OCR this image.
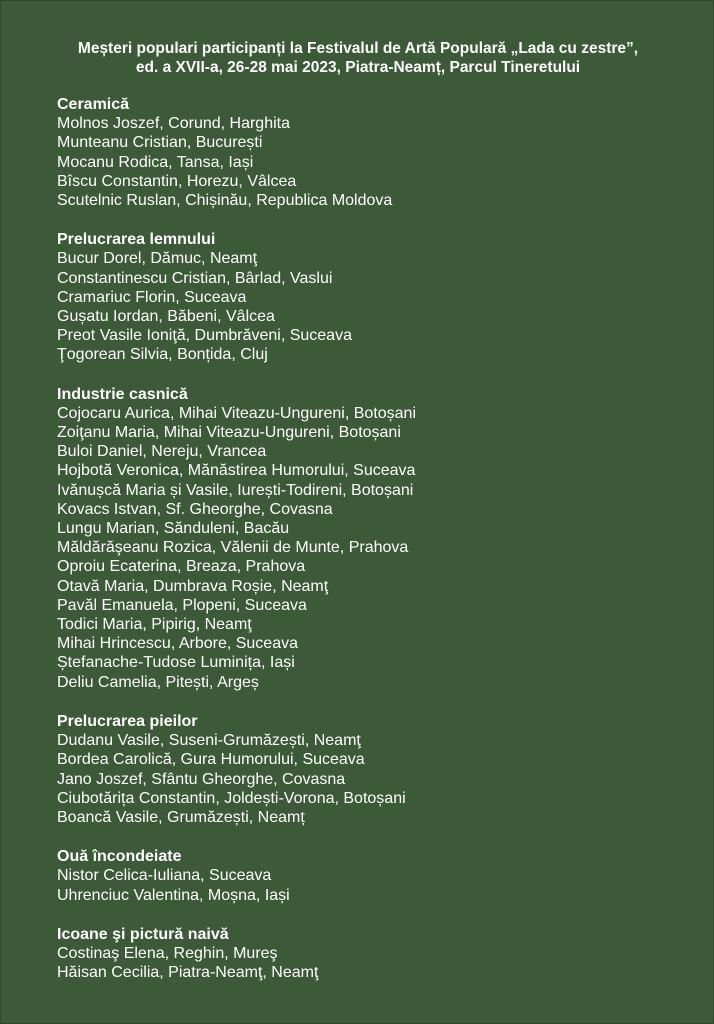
Meșteri populari participanți la Festivalul de Artă Populară „Lada cu zestre”,
ed. a XVII-a, 26-28 mai 2023, Piatra-Neamț, Parcul Tineretului
Ceramică
Molnos Joszef, Corund, Harghita
Munteanu Cristian, București
Mocanu Rodica, Tansa, Iași
Bîscu Constantin, Horezu, Vâlcea
Scutelnic Ruslan, Chișinău, Republica Moldova
Prelucrarea lemnului
Bucur Dorel, Dămuc, Neamţ
Constantinescu Cristian, Bârlad, Vaslui
Cramariuc Florin, Suceava
Gușatu Iordan, Băbeni, Vâlcea
Preot Vasile Ioniţă, Dumbrăveni, Suceava
Ţogorean Silvia, Bonțida, Cluj
Industrie casnică
Cojocaru Aurica, Mihai Viteazu-Ungureni, Botoșani
Zoiţanu Maria, Mihai Viteazu-Ungureni, Botoșani
Buloi Daniel, Nereju, Vrancea
Hojbotă Veronica, Mănăstirea Humorului, Suceava
Ivănușcă Maria și Vasile, Iurești-Todireni, Botoșani
Kovacs Istvan, Sf. Gheorghe, Covasna
Lungu Marian, Sănduleni, Bacău
Măldărăşeanu Rozica, Vălenii de Munte, Prahova
Oproiu Ecaterina, Breaza, Prahova
Otavă Maria, Dumbrava Roșie, Neamţ
Pavăl Emanuela, Plopeni, Suceava
Todici Maria, Pipirig, Neamţ
Mihai Hrincescu, Arbore, Suceava
Ștefanache-Tudose Luminița, Iași
Deliu Camelia, Pitești, Argeș
Prelucrarea pieilor
Dudanu Vasile, Suseni-Grumăzești, Neamţ
Bordea Carolică, Gura Humorului, Suceava
Jano Joszef, Sfântu Gheorghe, Covasna
Ciubotărița Constantin, Joldești-Vorona, Botoșani
Boancă Vasile, Grumăzești, Neamț
Ouă încondeiate
Nistor Celica-Iuliana, Suceava
Uhrenciuc Valentina, Moșna, Iași
Icoane şi pictură naivă
Costinaş Elena, Reghin, Mureş
Hăisan Cecilia, Piatra-Neamţ, Neamţ
